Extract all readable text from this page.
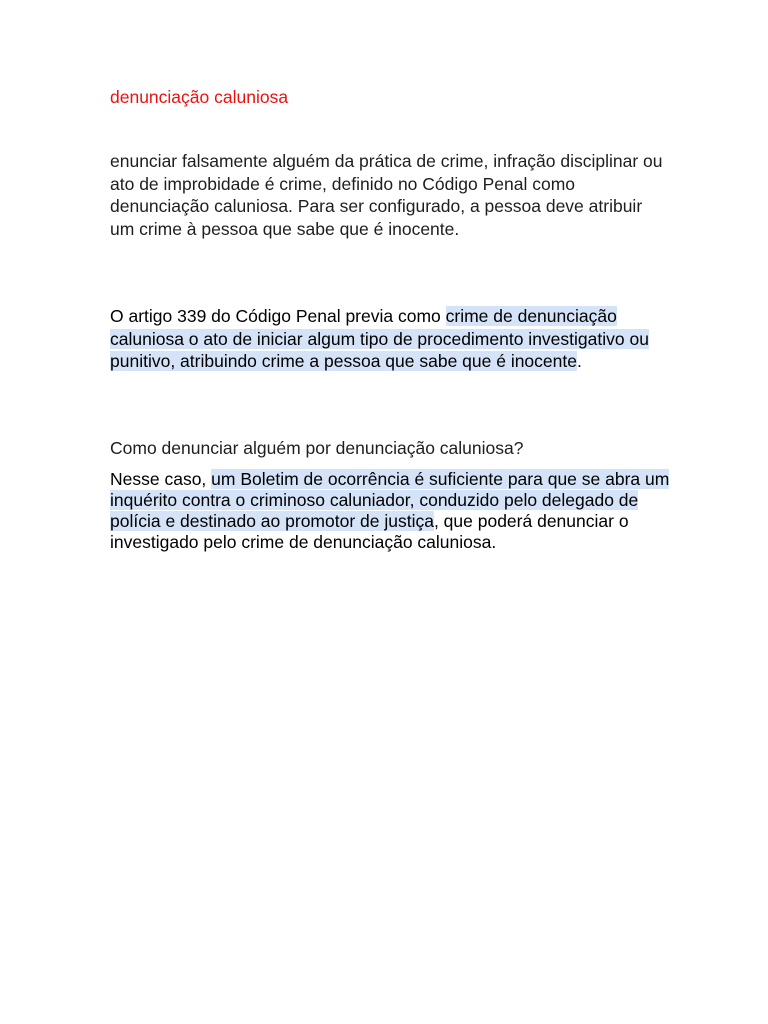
denunciação caluniosa

enunciar falsamente alguém da prática de crime, infração disciplinar ou ato de improbidade é crime, definido no Código Penal como denunciação caluniosa. Para ser configurado, a pessoa deve atribuir um crime à pessoa que sabe que é inocente.

O artigo 339 do Código Penal previa como crime de denunciação caluniosa o ato de iniciar algum tipo de procedimento investigativo ou punitivo, atribuindo crime a pessoa que sabe que é inocente.

Como denunciar alguém por denunciação caluniosa?

Nesse caso, um Boletim de ocorrência é suficiente para que se abra um inquérito contra o criminoso caluniador, conduzido pelo delegado de polícia e destinado ao promotor de justiça, que poderá denunciar o investigado pelo crime de denunciação caluniosa.
